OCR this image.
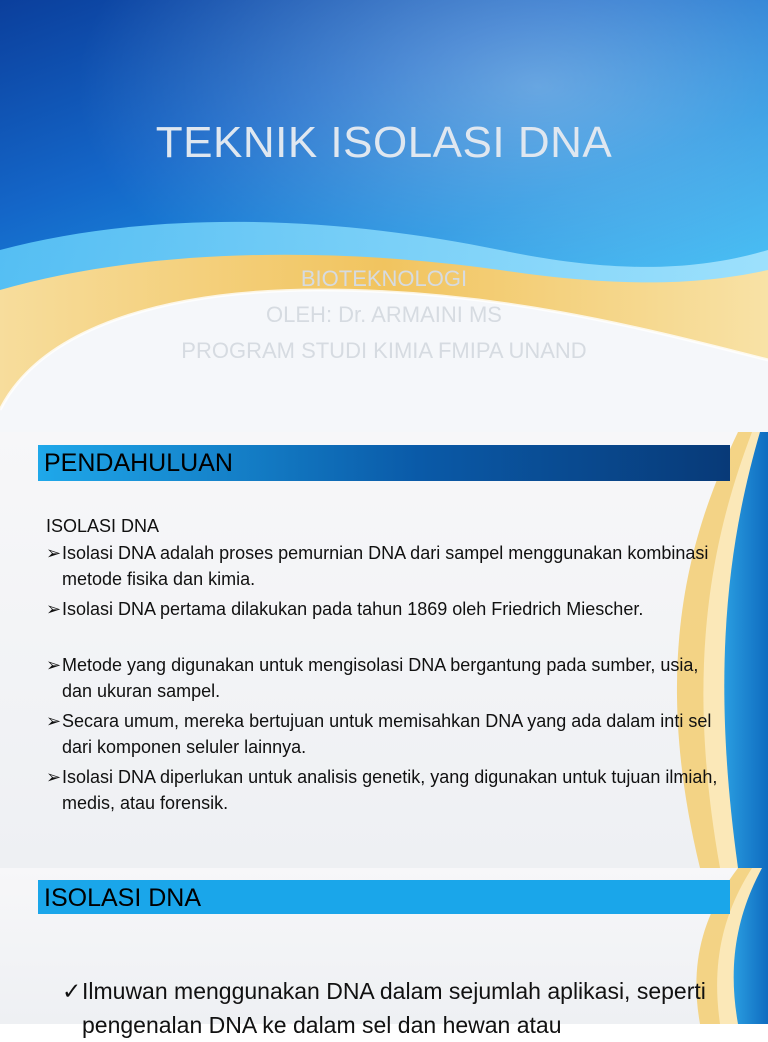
TEKNIK ISOLASI DNA
BIOTEKNOLOGI
OLEH: Dr. ARMAINI MS
PROGRAM STUDI KIMIA FMIPA UNAND
PENDAHULUAN
ISOLASI DNA
➢ Isolasi DNA adalah proses pemurnian DNA dari sampel menggunakan kombinasi metode fisika dan kimia.
➢ Isolasi DNA pertama dilakukan pada tahun 1869 oleh Friedrich Miescher.
➢ Metode yang digunakan untuk mengisolasi DNA bergantung pada sumber, usia, dan ukuran sampel.
➢ Secara umum, mereka bertujuan untuk memisahkan DNA yang ada dalam inti sel dari komponen seluler lainnya.
➢ Isolasi DNA diperlukan untuk analisis genetik, yang digunakan untuk tujuan ilmiah, medis, atau forensik.
ISOLASI DNA
✓ Ilmuwan menggunakan DNA dalam sejumlah aplikasi, seperti pengenalan DNA ke dalam sel dan hewan atau
